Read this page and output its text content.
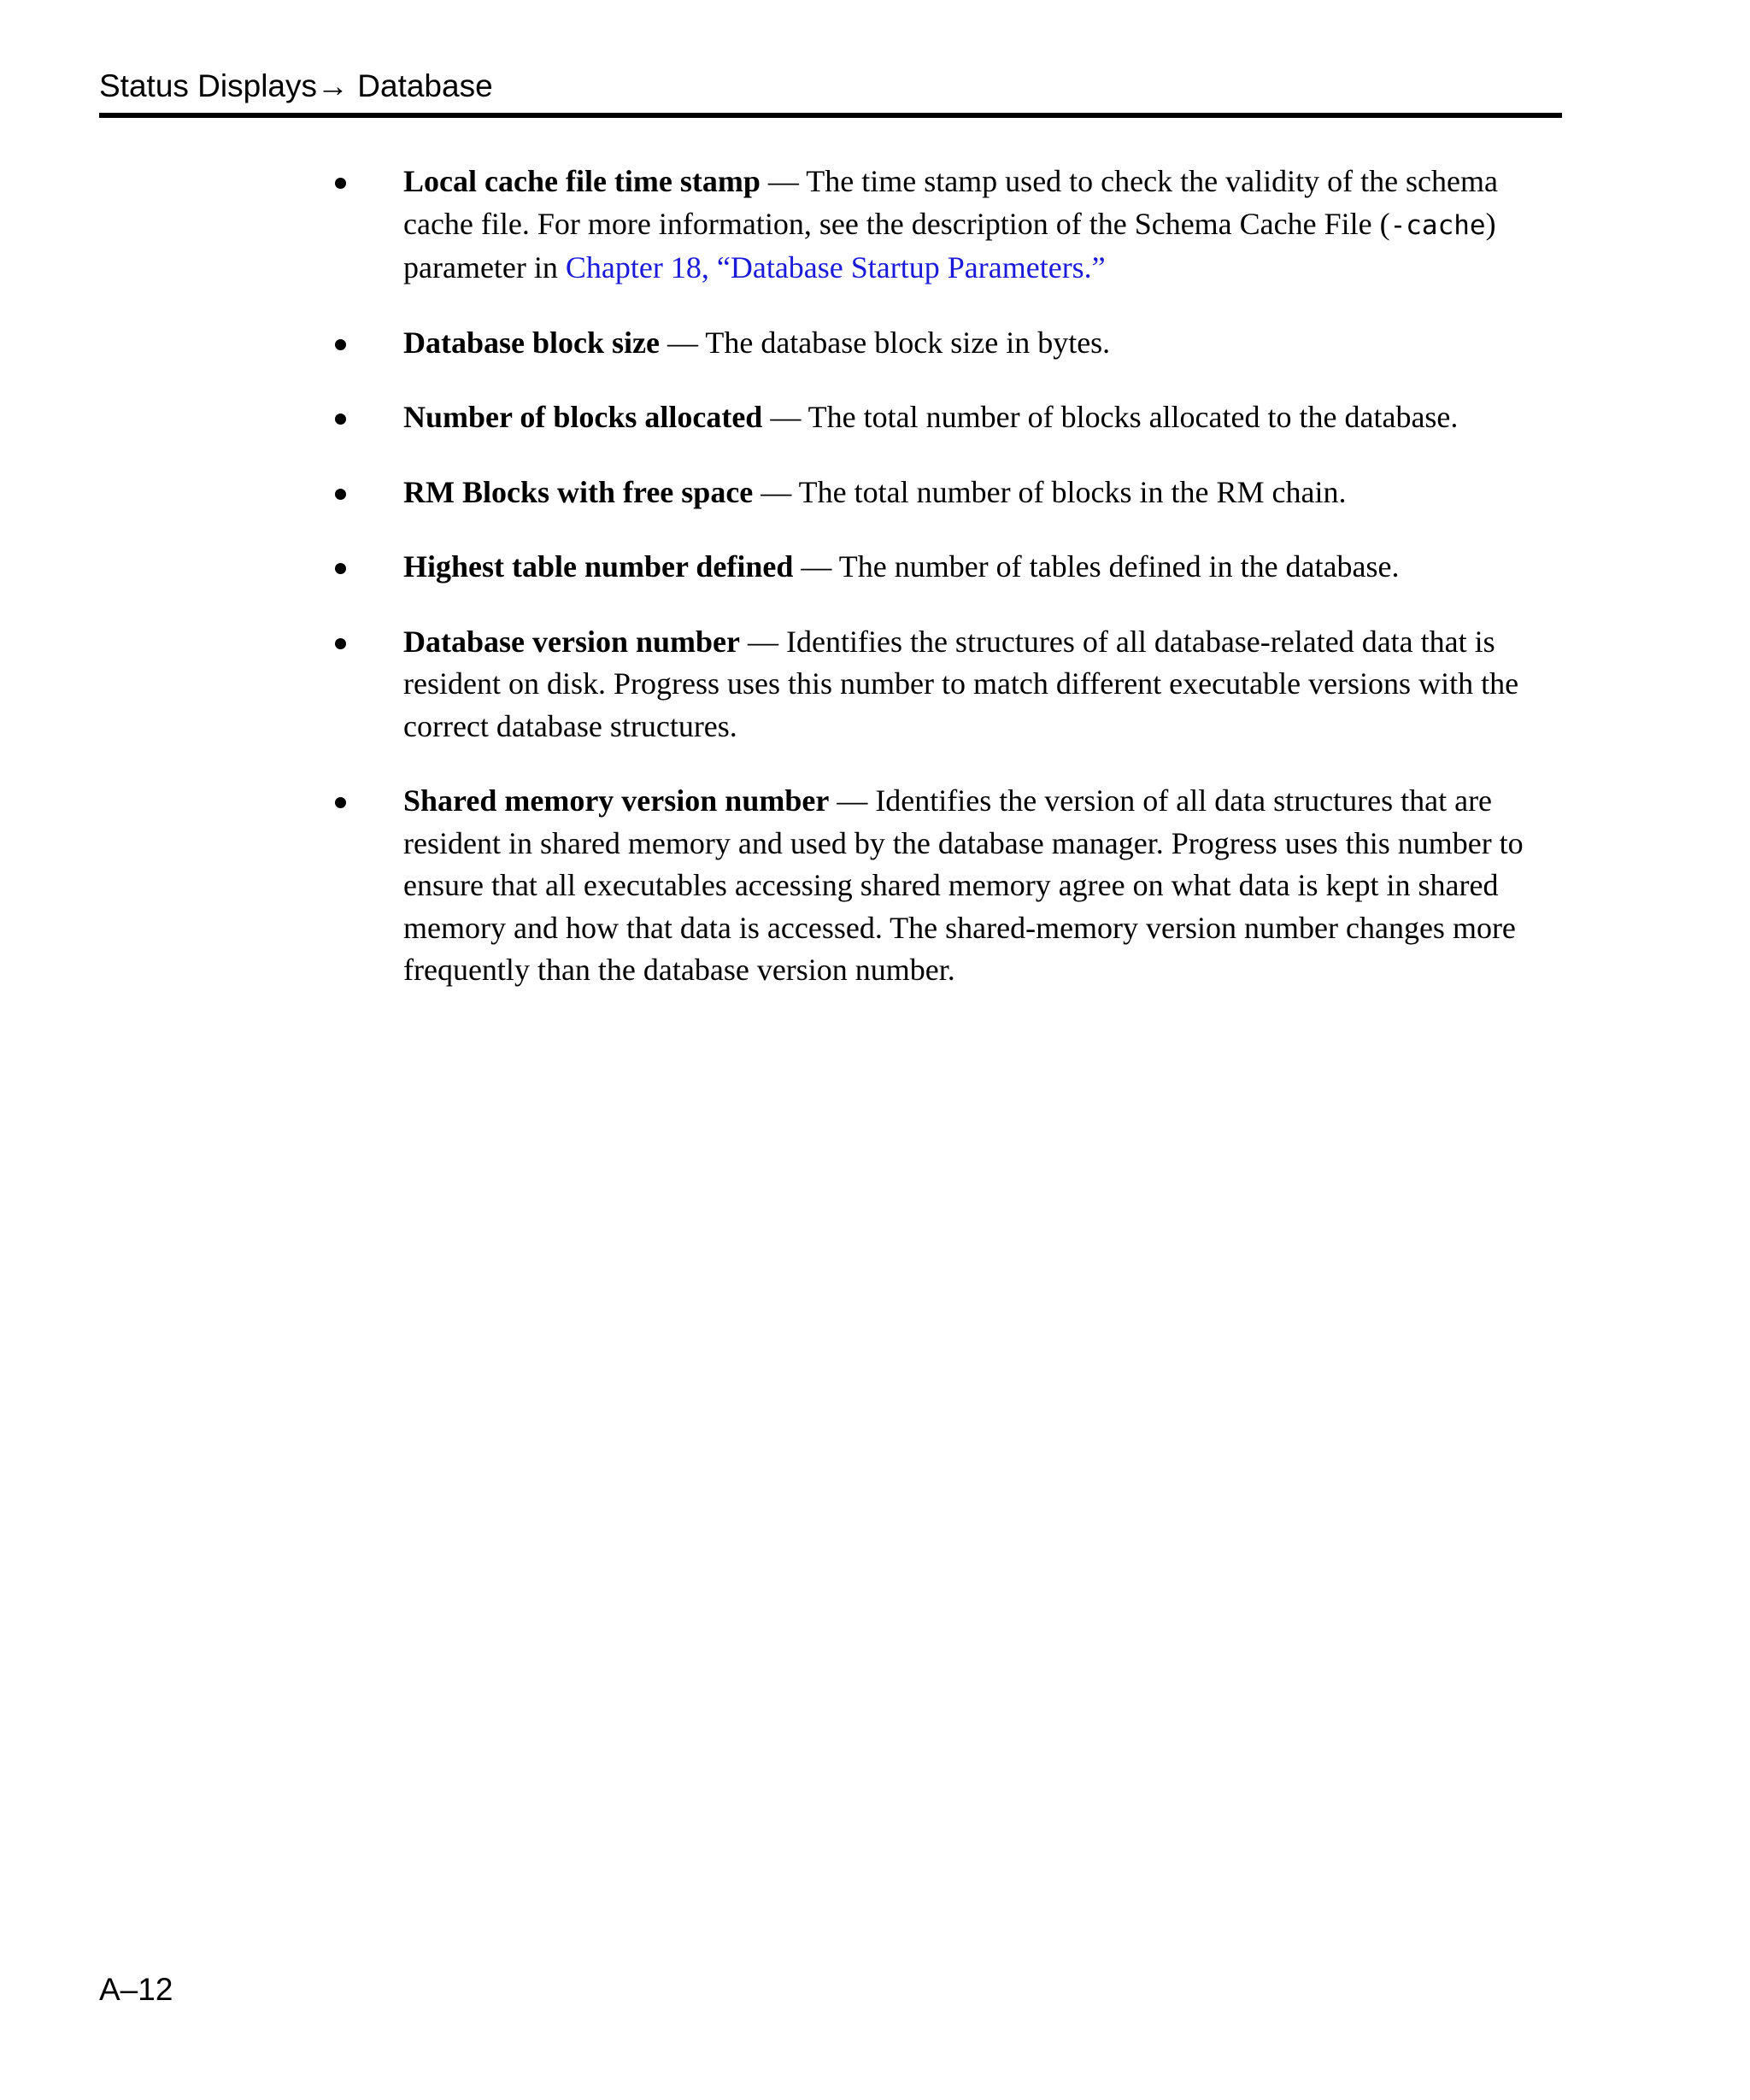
Status Displays→ Database
Local cache file time stamp — The time stamp used to check the validity of the schema cache file. For more information, see the description of the Schema Cache File (-cache) parameter in Chapter 18, “Database Startup Parameters.”
Database block size — The database block size in bytes.
Number of blocks allocated — The total number of blocks allocated to the database.
RM Blocks with free space — The total number of blocks in the RM chain.
Highest table number defined — The number of tables defined in the database.
Database version number — Identifies the structures of all database-related data that is resident on disk. Progress uses this number to match different executable versions with the correct database structures.
Shared memory version number — Identifies the version of all data structures that are resident in shared memory and used by the database manager. Progress uses this number to ensure that all executables accessing shared memory agree on what data is kept in shared memory and how that data is accessed. The shared-memory version number changes more frequently than the database version number.
A–12
